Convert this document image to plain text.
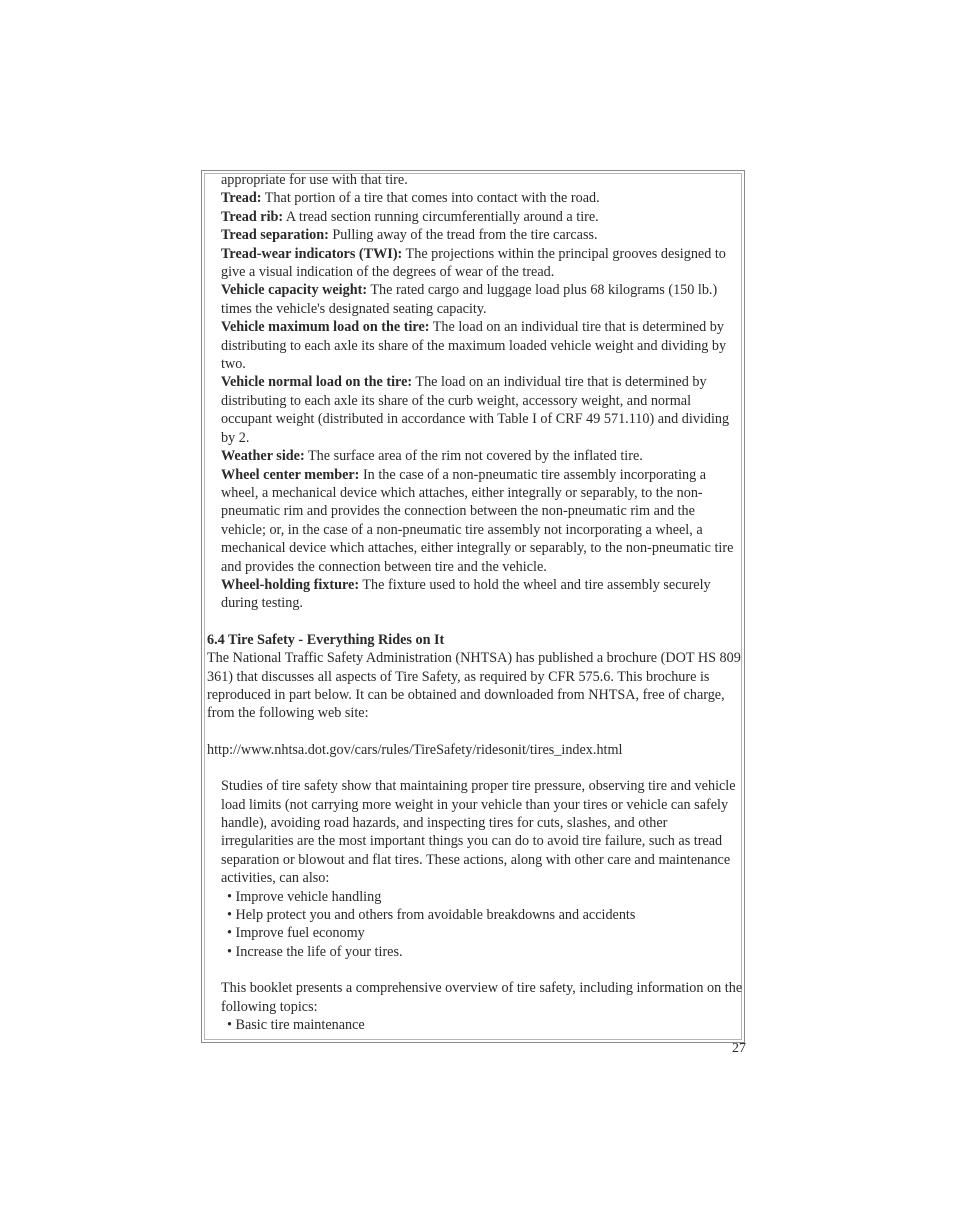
appropriate for use with that tire.

Tread: That portion of a tire that comes into contact with the road.

Tread rib: A tread section running circumferentially around a tire.

Tread separation: Pulling away of the tread from the tire carcass.

Tread-wear indicators (TWI): The projections within the principal grooves designed to give a visual indication of the degrees of wear of the tread.

Vehicle capacity weight: The rated cargo and luggage load plus 68 kilograms (150 lb.) times the vehicle's designated seating capacity.

Vehicle maximum load on the tire: The load on an individual tire that is determined by distributing to each axle its share of the maximum loaded vehicle weight and dividing by two.

Vehicle normal load on the tire: The load on an individual tire that is determined by distributing to each axle its share of the curb weight, accessory weight, and normal occupant weight (distributed in accordance with Table I of CRF 49 571.110) and dividing by 2.

Weather side: The surface area of the rim not covered by the inflated tire.

Wheel center member: In the case of a non-pneumatic tire assembly incorporating a wheel, a mechanical device which attaches, either integrally or separably, to the non-pneumatic rim and provides the connection between the non-pneumatic rim and the vehicle; or, in the case of a non-pneumatic tire assembly not incorporating a wheel, a mechanical device which attaches, either integrally or separably, to the non-pneumatic tire and provides the connection between tire and the vehicle.

Wheel-holding fixture: The fixture used to hold the wheel and tire assembly securely during testing.

6.4 Tire Safety - Everything Rides on It

The National Traffic Safety Administration (NHTSA) has published a brochure (DOT HS 809 361) that discusses all aspects of Tire Safety, as required by CFR 575.6. This brochure is reproduced in part below. It can be obtained and downloaded from NHTSA, free of charge, from the following web site:

http://www.nhtsa.dot.gov/cars/rules/TireSafety/ridesonit/tires_index.html

Studies of tire safety show that maintaining proper tire pressure, observing tire and vehicle load limits (not carrying more weight in your vehicle than your tires or vehicle can safely handle), avoiding road hazards, and inspecting tires for cuts, slashes, and other irregularities are the most important things you can do to avoid tire failure, such as tread separation or blowout and flat tires. These actions, along with other care and maintenance activities, can also:

• Improve vehicle handling

• Help protect you and others from avoidable breakdowns and accidents

• Improve fuel economy

• Increase the life of your tires.

This booklet presents a comprehensive overview of tire safety, including information on the following topics:

• Basic tire maintenance

27
